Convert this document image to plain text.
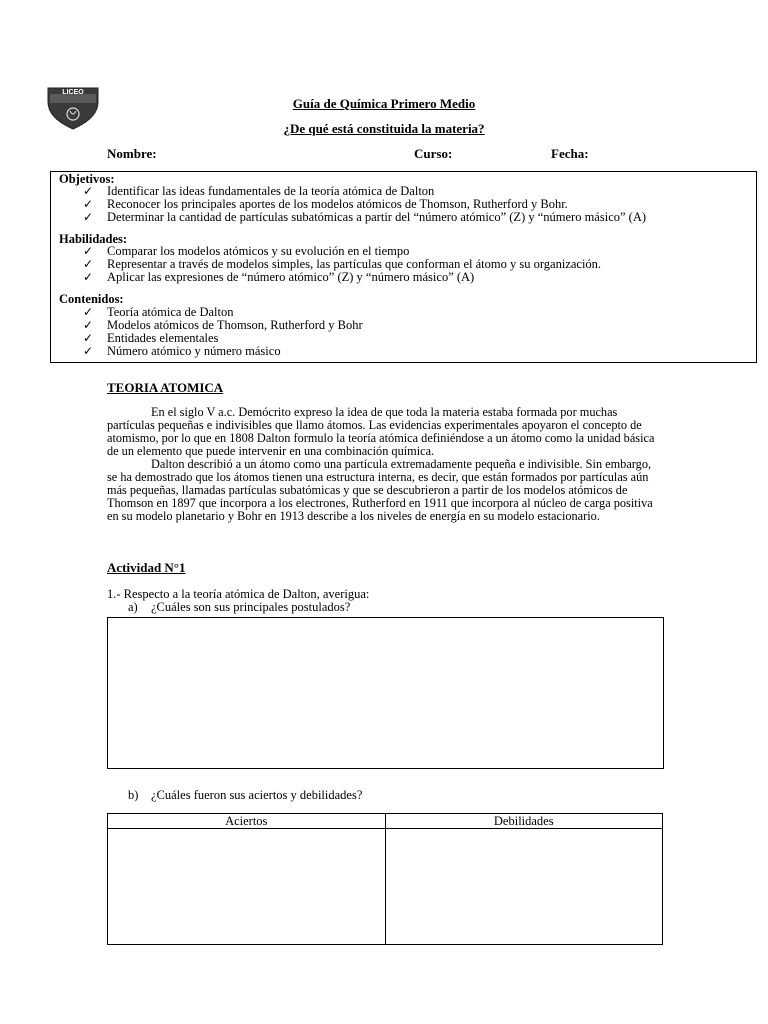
LICEO
Guía de Química Primero Medio
¿De qué está constituida la materia?
Nombre:	Curso:	Fecha:
Objetivos:
✓ Identificar las ideas fundamentales de la teoría atómica de Dalton
✓ Reconocer los principales aportes de los modelos atómicos de Thomson, Rutherford y Bohr.
✓ Determinar la cantidad de partículas subatómicas a partir del “número atómico” (Z) y “número másico” (A)
Habilidades:
✓ Comparar los modelos atómicos y su evolución en el tiempo
✓ Representar a través de modelos simples, las partículas que conforman el átomo y su organización.
✓ Aplicar las expresiones de “número atómico” (Z) y “número másico” (A)
Contenidos:
✓ Teoría atómica de Dalton
✓ Modelos atómicos de Thomson, Rutherford y Bohr
✓ Entidades elementales
✓ Número atómico y número másico
TEORIA ATOMICA

En el siglo V a.c. Demócrito expreso la idea de que toda la materia estaba formada por muchas partículas pequeñas e indivisibles que llamo átomos. Las evidencias experimentales apoyaron el concepto de atomismo, por lo que en 1808 Dalton formulo la teoría atómica definiéndose a un átomo como la unidad básica de un elemento que puede intervenir en una combinación química.

Dalton describió a un átomo como una partícula extremadamente pequeña e indivisible. Sin embargo, se ha demostrado que los átomos tienen una estructura interna, es decir, que están formados por partículas aún más pequeñas, llamadas partículas subatómicas y que se descubrieron a partir de los modelos atómicos de Thomson en 1897 que incorpora a los electrones, Rutherford en 1911 que incorpora al núcleo de carga positiva en su modelo planetario y Bohr en 1913 describe a los niveles de energía en su modelo estacionario.

Actividad N°1
1.- Respecto a la teoría atómica de Dalton, averigua:
a) ¿Cuáles son sus principales postulados?
b) ¿Cuáles fueron sus aciertos y debilidades?
Aciertos	Debilidades
